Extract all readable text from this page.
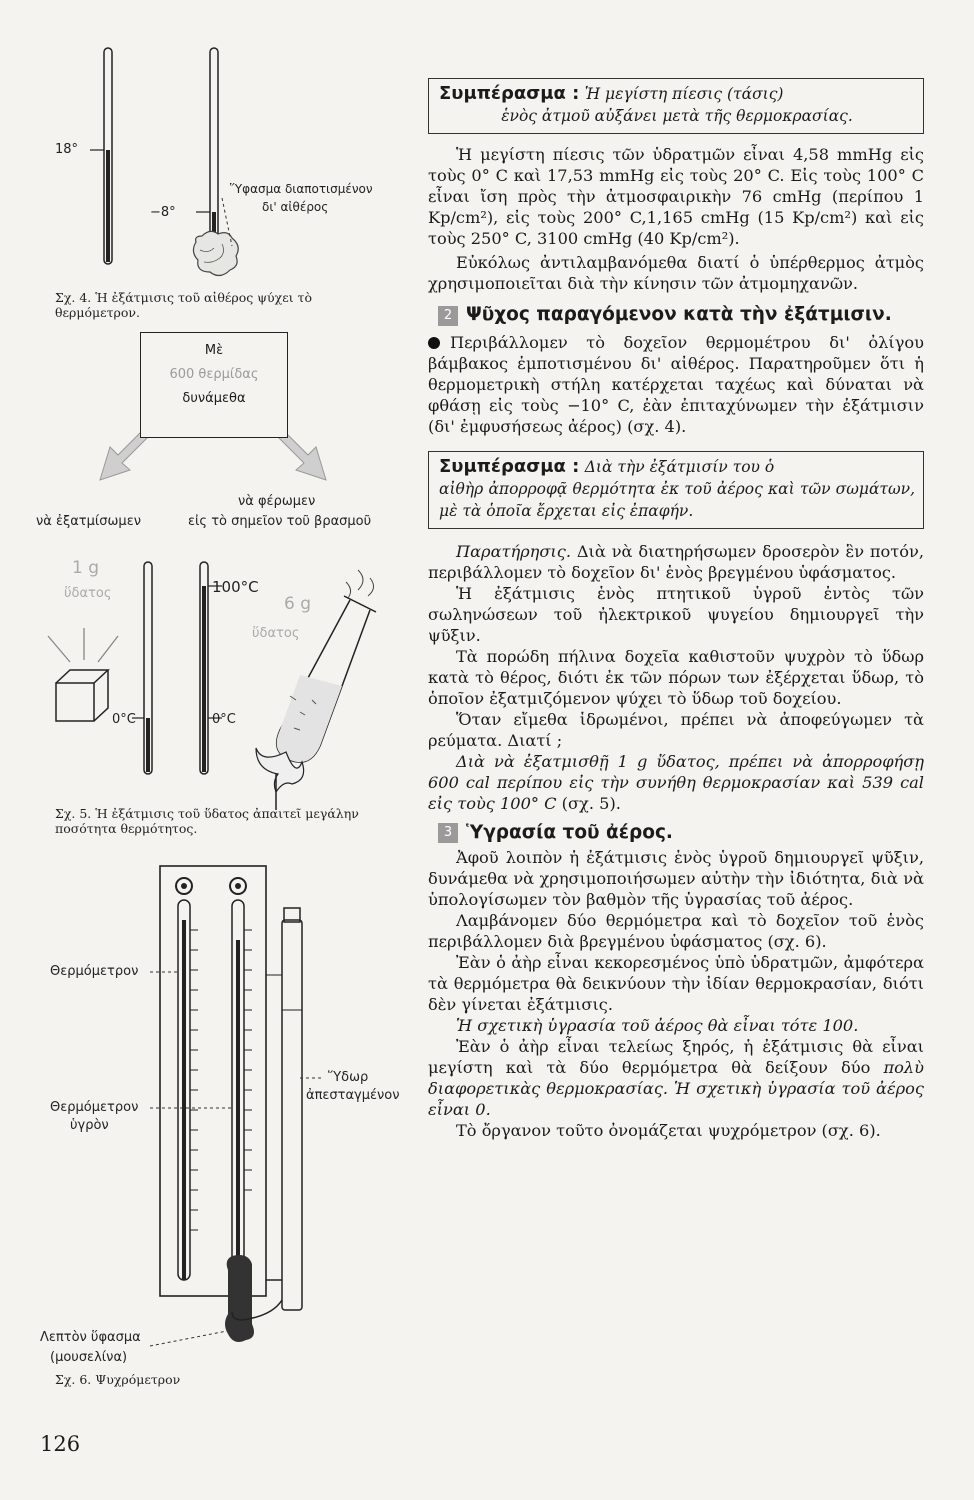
18°
−8°
Ὕφασμα διαποτισμένον
δι' αἰθέρος
Σχ. 4. Ἡ ἐξάτμισις τοῦ αἰθέρος ψύχει τὸ θερμόμετρον.
Μὲ
600 θερμίδας
δυνάμεθα
νὰ φέρωμεν
νὰ ἐξατμίσωμεν	εἰς τὸ σημεῖον τοῦ βρασμοῦ
1 g
ὕδατος	100°C
6 g
ὕδατος
0°C	0°C
Σχ. 5. Ἡ ἐξάτμισις τοῦ ὕδατος ἀπαιτεῖ μεγάλην ποσότητα θερμότητος.
Θερμόμετρον
Θερμόμετρον
ὑγρὸν
Ὕδωρ
ἀπεσταγμένον
Λεπτὸν ὕφασμα
(μουσελίνα)
Σχ. 6. Ψυχρόμετρον
126
Συμπέρασμα : Ἡ μεγίστη πίεσις (τάσις)
ἑνὸς ἀτμοῦ αὐξάνει μετὰ τῆς θερμοκρασίας.

Ἡ μεγίστη πίεσις τῶν ὑδρατμῶν εἶναι 4,58 mmHg εἰς τοὺς 0° C καὶ 17,53 mmHg εἰς τοὺς 20° C. Εἰς τοὺς 100° C εἶναι ἴση πρὸς τὴν ἀτμοσφαιρικὴν 76 cmHg (περίπου 1 Kp/cm²), εἰς τοὺς 200° C,1,165 cmHg (15 Kp/cm²) καὶ εἰς τοὺς 250° C, 3100 cmHg (40 Kp/cm²).

Εὐκόλως ἀντιλαμβανόμεθα διατί ὁ ὑπέρθερμος ἀτμὸς χρησιμοποιεῖται διὰ τὴν κίνησιν τῶν ἀτμομηχανῶν.

2 Ψῦχος παραγόμενον κατὰ τὴν ἐξάτμισιν.

Περιβάλλομεν τὸ δοχεῖον θερμομέτρου δι' ὀλίγου βάμβακος ἐμποτισμένου δι' αἰθέρος. Παρατηροῦμεν ὅτι ἡ θερμομετρικὴ στήλη κατέρχεται ταχέως καὶ δύναται νὰ φθάσῃ εἰς τοὺς −10° C, ἐὰν ἐπιταχύνωμεν τὴν ἐξάτμισιν (δι' ἐμφυσήσεως ἀέρος) (σχ. 4).

Συμπέρασμα : Διὰ τὴν ἐξάτμισίν του ὁ
αἰθὴρ ἀπορροφᾷ θερμότητα ἐκ τοῦ ἀέρος καὶ τῶν σωμάτων, μὲ τὰ ὁποῖα ἔρχεται εἰς ἐπαφήν.

Παρατήρησις. Διὰ νὰ διατηρήσωμεν δροσερὸν ἓν ποτόν, περιβάλλομεν τὸ δοχεῖον δι' ἑνὸς βρεγμένου ὑφάσματος.

Ἡ ἐξάτμισις ἑνὸς πτητικοῦ ὑγροῦ ἐντὸς τῶν σωληνώσεων τοῦ ἠλεκτρικοῦ ψυγείου δημιουργεῖ τὴν ψῦξιν.

Τὰ πορώδη πήλινα δοχεῖα καθιστοῦν ψυχρὸν τὸ ὕδωρ κατὰ τὸ θέρος, διότι ἐκ τῶν πόρων των ἐξέρχεται ὕδωρ, τὸ ὁποῖον ἐξατμιζόμενον ψύχει τὸ ὕδωρ τοῦ δοχείου.

Ὅταν εἴμεθα ἱδρωμένοι, πρέπει νὰ ἀποφεύγωμεν τὰ ρεύματα. Διατί ;

Διὰ νὰ ἐξατμισθῇ 1 g ὕδατος, πρέπει νὰ ἀπορροφήσῃ 600 cal περίπου εἰς τὴν συνήθη θερμοκρασίαν καὶ 539 cal εἰς τοὺς 100° C (σχ. 5).

3 Ὑγρασία τοῦ ἀέρος.

Ἀφοῦ λοιπὸν ἡ ἐξάτμισις ἑνὸς ὑγροῦ δημιουργεῖ ψῦξιν, δυνάμεθα νὰ χρησιμοποιήσωμεν αὐτὴν τὴν ἰδιότητα, διὰ νὰ ὑπολογίσωμεν τὸν βαθμὸν τῆς ὑγρασίας τοῦ ἀέρος.

Λαμβάνομεν δύο θερμόμετρα καὶ τὸ δοχεῖον τοῦ ἑνὸς περιβάλλομεν διὰ βρεγμένου ὑφάσματος (σχ. 6).

Ἐὰν ὁ ἀὴρ εἶναι κεκορεσμένος ὑπὸ ὑδρατμῶν, ἀμφότερα τὰ θερμόμετρα θὰ δεικνύουν τὴν ἰδίαν θερμοκρασίαν, διότι δὲν γίνεται ἐξάτμισις.

Ἡ σχετικὴ ὑγρασία τοῦ ἀέρος θὰ εἶναι τότε 100.

Ἐὰν ὁ ἀὴρ εἶναι τελείως ξηρός, ἡ ἐξάτμισις θὰ εἶναι μεγίστη καὶ τὰ δύο θερμόμετρα θὰ δείξουν δύο πολὺ διαφορετικὰς θερμοκρασίας. Ἡ σχετικὴ ὑγρασία τοῦ ἀέρος εἶναι 0.

Τὸ ὄργανον τοῦτο ὀνομάζεται ψυχρόμετρον (σχ. 6).
